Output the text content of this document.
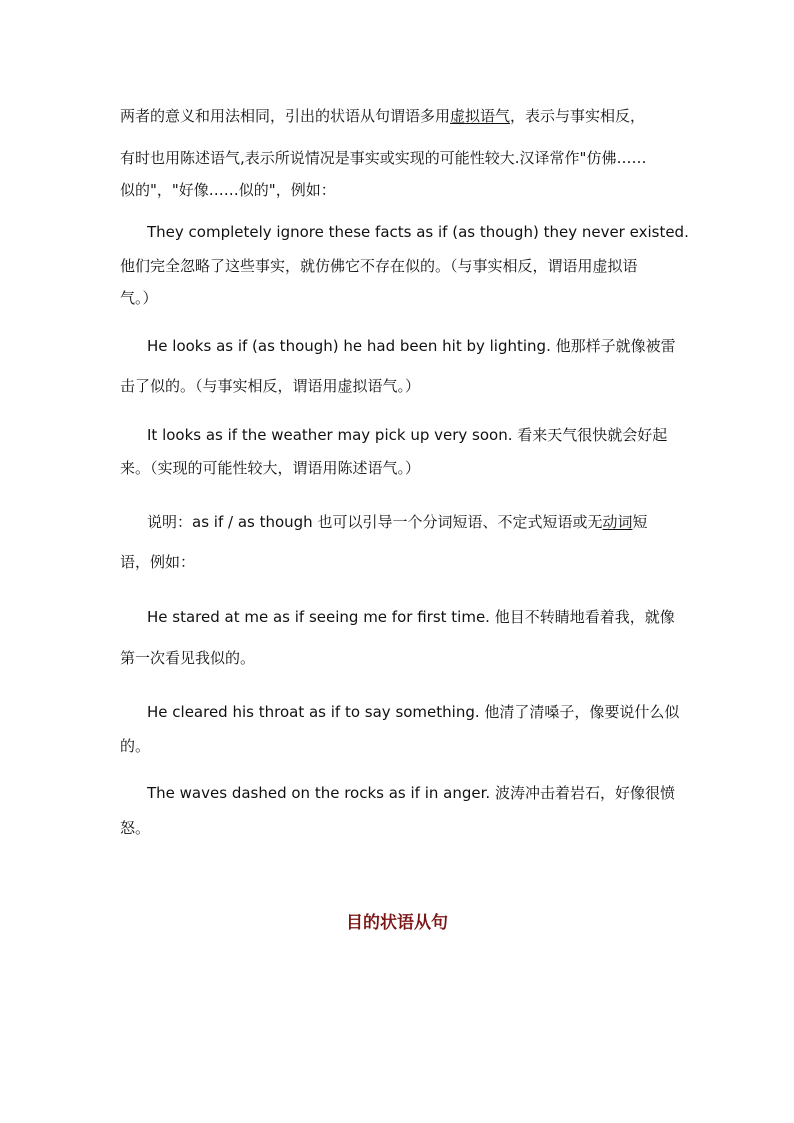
两者的意义和用法相同，引出的状语从句谓语多用虚拟语气，表示与事实相反，
有时也用陈述语气,表示所说情况是事实或实现的可能性较大.汉译常作"仿佛……
似的"，"好像……似的"，例如：
They completely ignore these facts as if (as though) they never existed.
他们完全忽略了这些事实，就仿佛它不存在似的。（与事实相反，谓语用虚拟语
气。）
He looks as if (as though) he had been hit by lighting. 他那样子就像被雷
击了似的。（与事实相反，谓语用虚拟语气。）
It looks as if the weather may pick up very soon. 看来天气很快就会好起
来。（实现的可能性较大，谓语用陈述语气。）
说明：as if / as though 也可以引导一个分词短语、不定式短语或无动词短
语，例如：
He stared at me as if seeing me for first time. 他目不转睛地看着我，就像
第一次看见我似的。
He cleared his throat as if to say something. 他清了清嗓子，像要说什么似
的。
The waves dashed on the rocks as if in anger. 波涛冲击着岩石，好像很愤
怒。
目的状语从句
